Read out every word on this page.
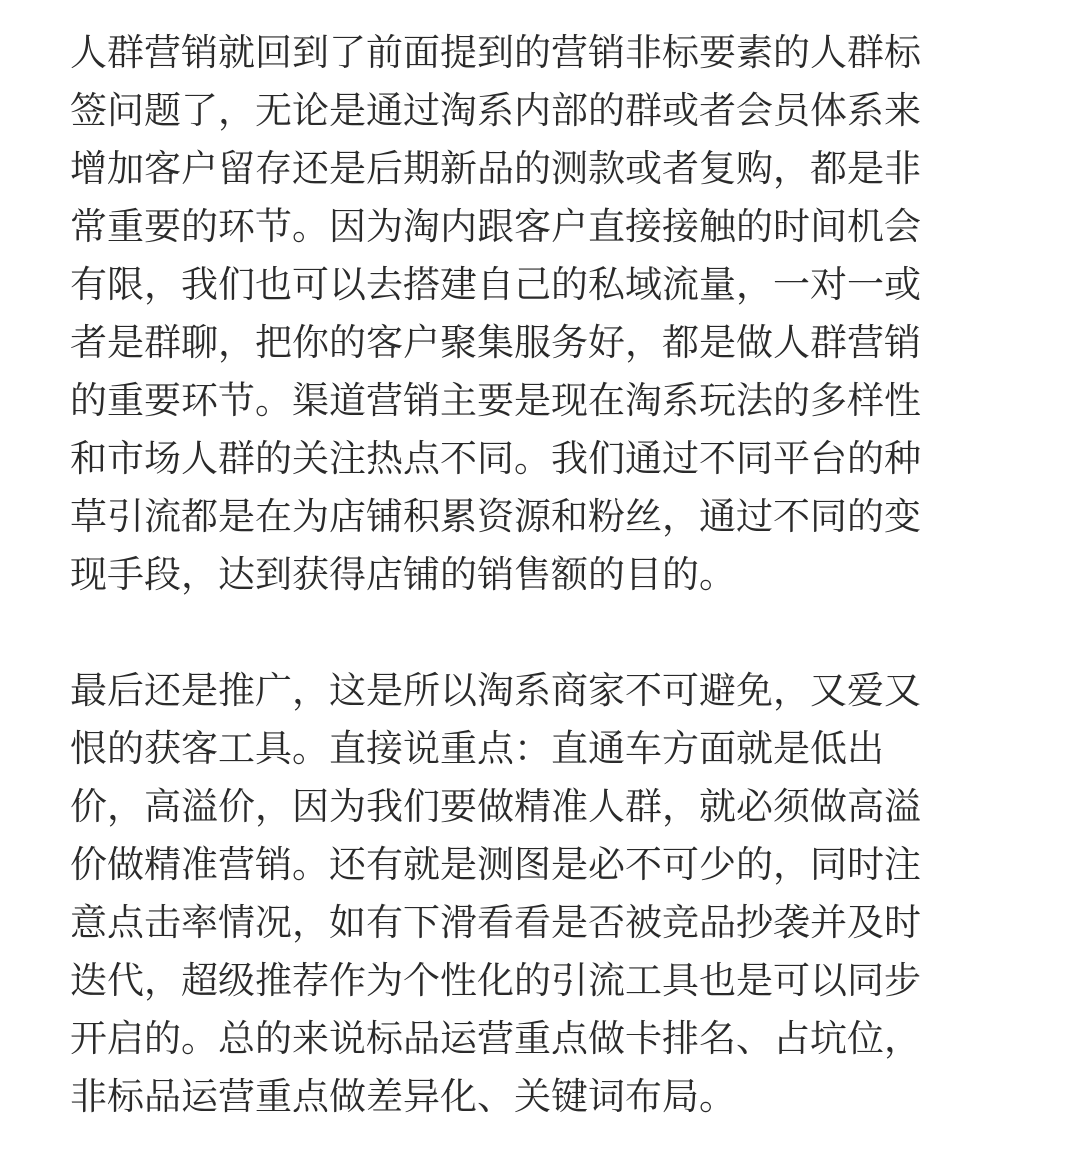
人群营销就回到了前面提到的营销非标要素的人群标
签问题了，无论是通过淘系内部的群或者会员体系来
增加客户留存还是后期新品的测款或者复购，都是非
常重要的环节。因为淘内跟客户直接接触的时间机会
有限，我们也可以去搭建自己的私域流量，一对一或
者是群聊，把你的客户聚集服务好，都是做人群营销
的重要环节。渠道营销主要是现在淘系玩法的多样性
和市场人群的关注热点不同。我们通过不同平台的种
草引流都是在为店铺积累资源和粉丝，通过不同的变
现手段，达到获得店铺的销售额的目的。

最后还是推广，这是所以淘系商家不可避免，又爱又
恨的获客工具。直接说重点：直通车方面就是低出
价，高溢价，因为我们要做精准人群，就必须做高溢
价做精准营销。还有就是测图是必不可少的，同时注
意点击率情况，如有下滑看看是否被竞品抄袭并及时
迭代，超级推荐作为个性化的引流工具也是可以同步
开启的。总的来说标品运营重点做卡排名、占坑位，
非标品运营重点做差异化、关键词布局。
